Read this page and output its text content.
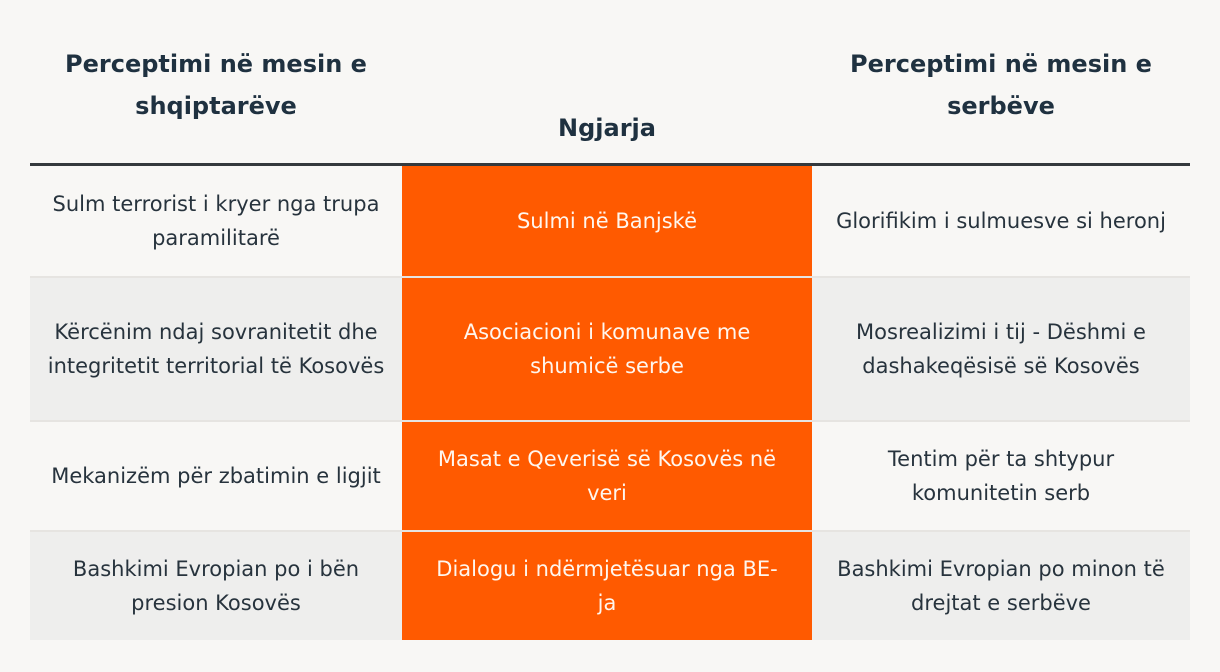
Perceptimi në mesin e
shqiptarëve
Ngjarja
Perceptimi në mesin e
serbëve
Sulm terrorist i kryer nga trupa paramilitarë
Sulmi në Banjskë	Glorifikim i sulmuesve si heronj
Kërcënim ndaj sovranitetit dhe integritetit territorial të Kosovës
Asociacioni i komunave me shumicë serbe
Mosrealizimi i tij - Dëshmi e dashakeqësisë së Kosovës
Mekanizëm për zbatimin e ligjit
Masat e Qeverisë së Kosovës në veri
Tentim për ta shtypur komunitetin serb
Bashkimi Evropian po i bën presion Kosovës
Dialogu i ndërmjetësuar nga BE-ja
Bashkimi Evropian po minon të drejtat e serbëve
